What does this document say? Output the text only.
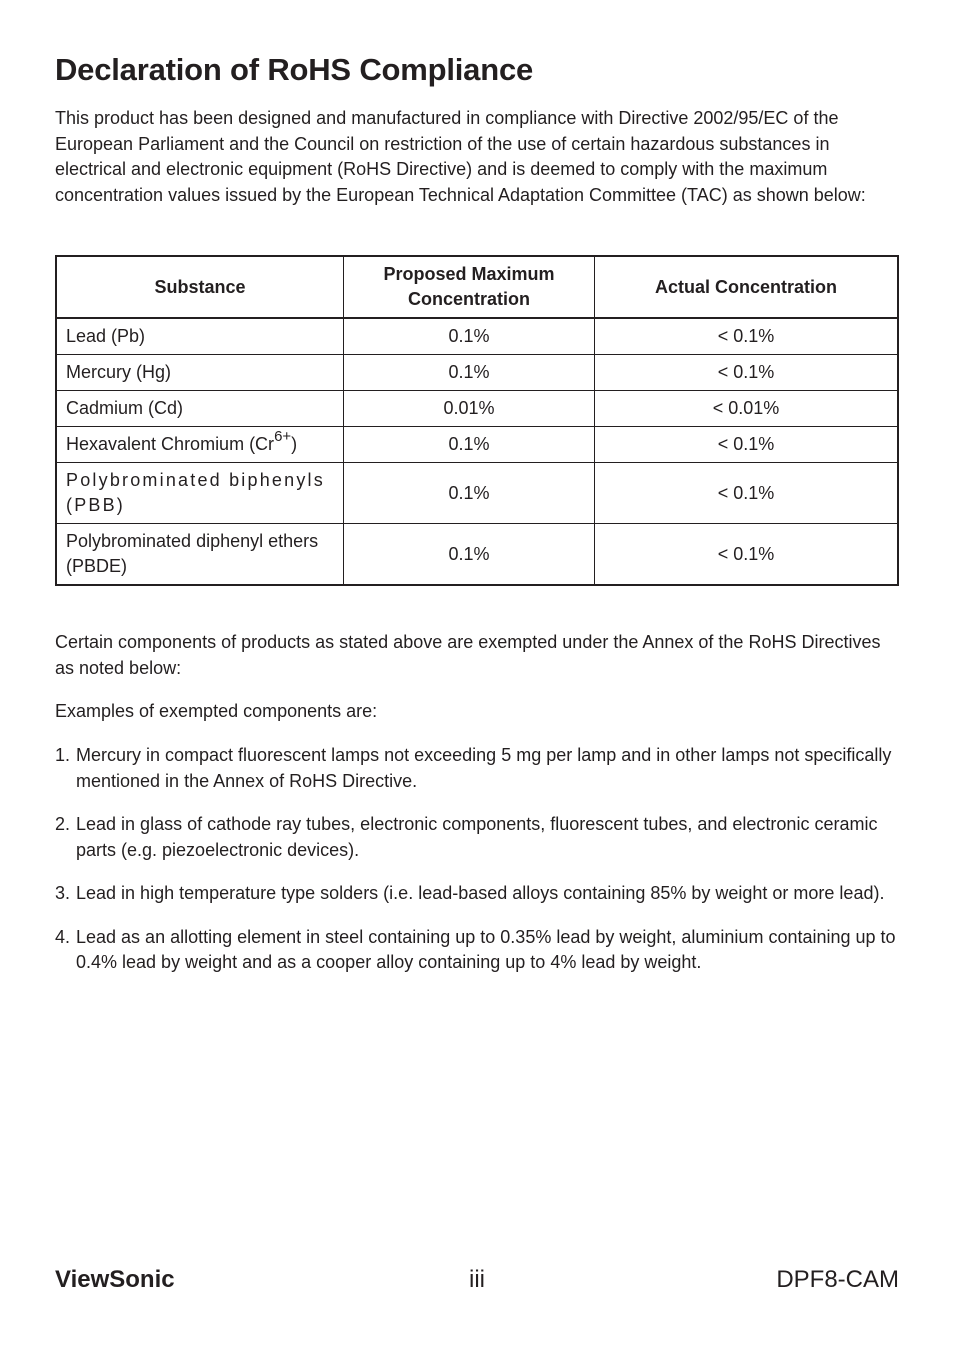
Declaration of RoHS Compliance

This product has been designed and manufactured in compliance with Directive 2002/95/EC of the European Parliament and the Council on restriction of the use of certain hazardous substances in electrical and electronic equipment (RoHS Directive) and is deemed to comply with the maximum concentration values issued by the European Technical Adaptation Committee (TAC) as shown below:

Substance	Proposed Maximum Concentration	Actual Concentration
Lead (Pb)	0.1%	< 0.1%
Mercury (Hg)	0.1%	< 0.1%
Cadmium (Cd)	0.01%	< 0.01%
Hexavalent Chromium $(Cr^{6+})$	0.1%	< 0.1%
Polybrominated biphenyls (PBB)	0.1%	< 0.1%
Polybrominated diphenyl ethers (PBDE)	0.1%	< 0.1%

Certain components of products as stated above are exempted under the Annex of the RoHS Directives as noted below:

Examples of exempted components are:

1. Mercury in compact fluorescent lamps not exceeding 5 mg per lamp and in other lamps not specifically mentioned in the Annex of RoHS Directive.
2. Lead in glass of cathode ray tubes, electronic components, fluorescent tubes, and electronic ceramic parts (e.g. piezoelectronic devices).
3. Lead in high temperature type solders (i.e. lead-based alloys containing 85% by weight or more lead).
4. Lead as an allotting element in steel containing up to 0.35% lead by weight, aluminium containing up to 0.4% lead by weight and as a cooper alloy containing up to 4% lead by weight.
iii
ViewSonic	DPF8-CAM
